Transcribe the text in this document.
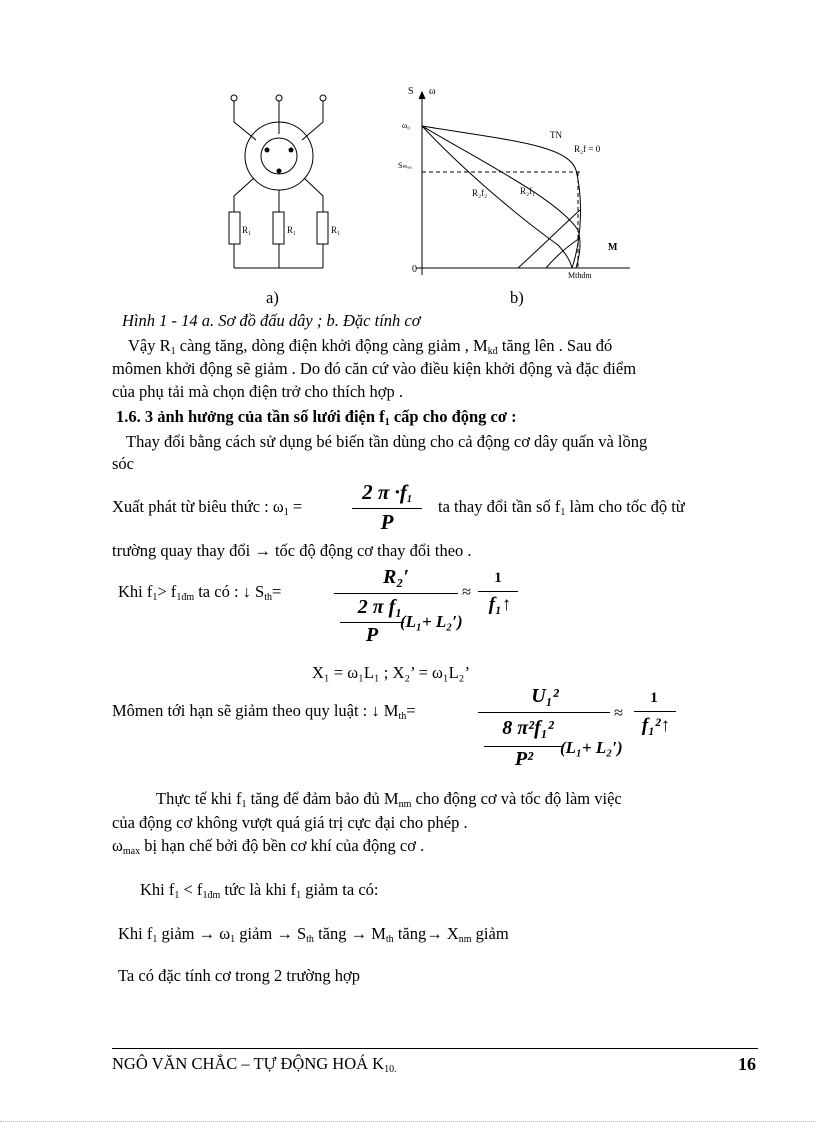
R₁	R₁	R₁
a)
S ω
ω₀
Sₘₐₓ
0
M
Mthdm
TN
R₂f = 0
R₂f₂	R₂f₁
b)
Hình 1 - 14 a. Sơ đồ đấu dây ; b. Đặc tính cơ
Vậy $R_1$ càng tăng, dòng điện khởi động càng giảm , $M_{kđ}$ tăng lên . Sau đó
mômen khởi động sẽ giảm . Do đó căn cứ vào điều kiện khởi động và đặc điểm
của phụ tải mà chọn điện trở cho thích hợp .
1.6. 3 ảnh hưởng của tần số lưới điện $f_1$ cấp cho động cơ :
Thay đổi bằng cách sử dụng bé biến tần dùng cho cả động cơ dây quấn và lồng
sóc
Xuất phát từ biêu thức : $\omega_1$ =
2 $\pi \cdot f_1$
P
ta thay đổi tần số $f_1$ làm cho tốc độ từ
trường quay thay đổi → tốc độ động cơ thay đổi theo .
Khi $f_1> f_{1đm}$ ta có : ↓ $S_{th}=$
R₂′
2 π f₁
P
(L₁+ L₂′)
≈
1
f₁↑
X₁ = ω₁L₁ ; X₂’ = ω₁L₂’
Mômen tới hạn sẽ giảm theo quy luật : ↓ $M_{th}=$
U₁²
8 π²f₁²
P²
(L₁+ L₂′)
≈
1
f₁²↑
Thực tế khi $f_1$ tăng để đảm bảo đủ $M_{nm}$ cho động cơ và tốc độ làm việc
của động cơ không vượt quá giá trị cực đại cho phép .
$\omega_{max}$ bị hạn chế bởi độ bền cơ khí của động cơ .
Khi $f_1 < f_{1đm}$ tức là khi $f_1$ giảm ta có:
Khi $f_1$ giảm → $\omega_1$ giảm → $S_{th}$ tăng → $M_{th}$ tăng→ $X_{nm}$ giảm
Ta có đặc tính cơ trong 2 trường hợp
NGÔ VĂN CHẮC – TỰ ĐỘNG HOÁ $K_{10.}$	16
